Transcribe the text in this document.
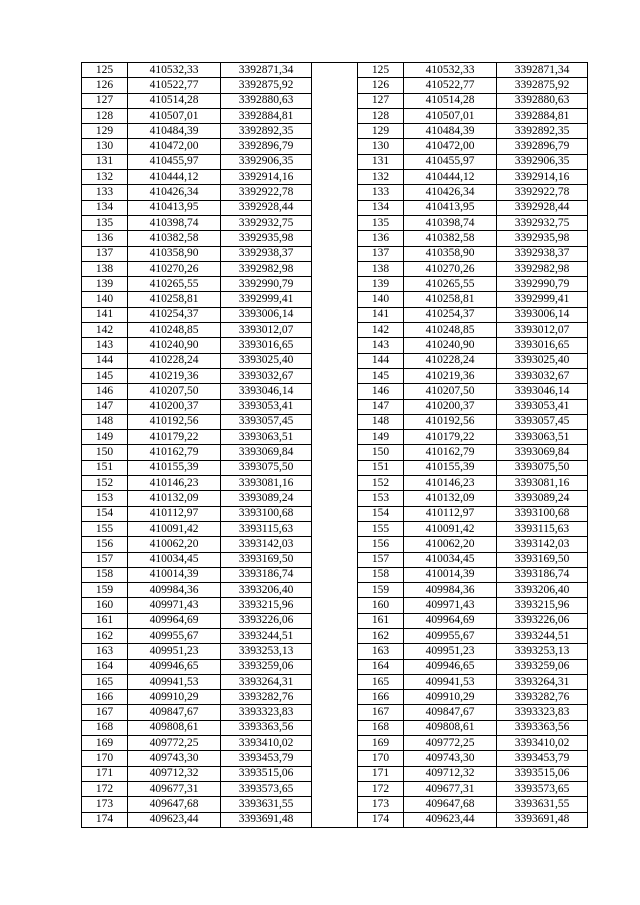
125	410532,33	3392871,34		125	410532,33	3392871,34
126	410522,77	3392875,92		126	410522,77	3392875,92
127	410514,28	3392880,63		127	410514,28	3392880,63
128	410507,01	3392884,81		128	410507,01	3392884,81
129	410484,39	3392892,35		129	410484,39	3392892,35
130	410472,00	3392896,79		130	410472,00	3392896,79
131	410455,97	3392906,35		131	410455,97	3392906,35
132	410444,12	3392914,16		132	410444,12	3392914,16
133	410426,34	3392922,78		133	410426,34	3392922,78
134	410413,95	3392928,44		134	410413,95	3392928,44
135	410398,74	3392932,75		135	410398,74	3392932,75
136	410382,58	3392935,98		136	410382,58	3392935,98
137	410358,90	3392938,37		137	410358,90	3392938,37
138	410270,26	3392982,98		138	410270,26	3392982,98
139	410265,55	3392990,79		139	410265,55	3392990,79
140	410258,81	3392999,41		140	410258,81	3392999,41
141	410254,37	3393006,14		141	410254,37	3393006,14
142	410248,85	3393012,07		142	410248,85	3393012,07
143	410240,90	3393016,65		143	410240,90	3393016,65
144	410228,24	3393025,40		144	410228,24	3393025,40
145	410219,36	3393032,67		145	410219,36	3393032,67
146	410207,50	3393046,14		146	410207,50	3393046,14
147	410200,37	3393053,41		147	410200,37	3393053,41
148	410192,56	3393057,45		148	410192,56	3393057,45
149	410179,22	3393063,51		149	410179,22	3393063,51
150	410162,79	3393069,84		150	410162,79	3393069,84
151	410155,39	3393075,50		151	410155,39	3393075,50
152	410146,23	3393081,16		152	410146,23	3393081,16
153	410132,09	3393089,24		153	410132,09	3393089,24
154	410112,97	3393100,68		154	410112,97	3393100,68
155	410091,42	3393115,63		155	410091,42	3393115,63
156	410062,20	3393142,03		156	410062,20	3393142,03
157	410034,45	3393169,50		157	410034,45	3393169,50
158	410014,39	3393186,74		158	410014,39	3393186,74
159	409984,36	3393206,40		159	409984,36	3393206,40
160	409971,43	3393215,96		160	409971,43	3393215,96
161	409964,69	3393226,06		161	409964,69	3393226,06
162	409955,67	3393244,51		162	409955,67	3393244,51
163	409951,23	3393253,13		163	409951,23	3393253,13
164	409946,65	3393259,06		164	409946,65	3393259,06
165	409941,53	3393264,31		165	409941,53	3393264,31
166	409910,29	3393282,76		166	409910,29	3393282,76
167	409847,67	3393323,83		167	409847,67	3393323,83
168	409808,61	3393363,56		168	409808,61	3393363,56
169	409772,25	3393410,02		169	409772,25	3393410,02
170	409743,30	3393453,79		170	409743,30	3393453,79
171	409712,32	3393515,06		171	409712,32	3393515,06
172	409677,31	3393573,65		172	409677,31	3393573,65
173	409647,68	3393631,55		173	409647,68	3393631,55
174	409623,44	3393691,48		174	409623,44	3393691,48
